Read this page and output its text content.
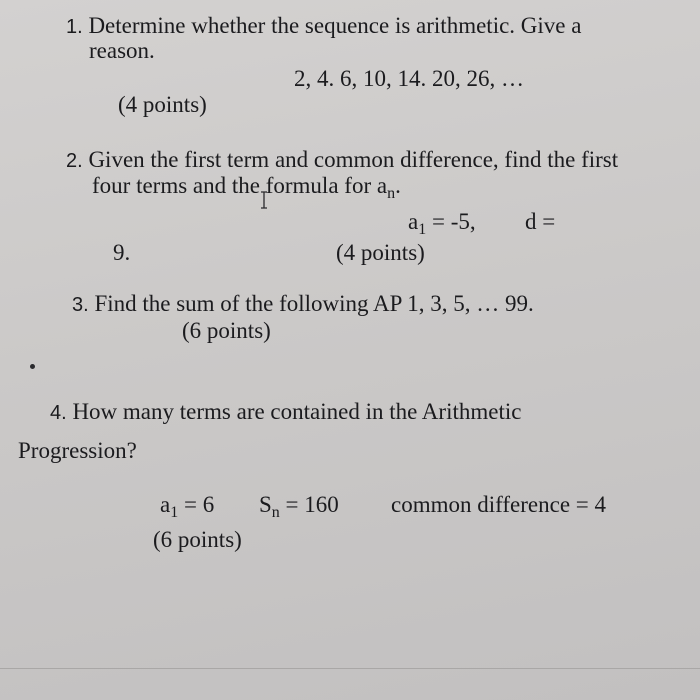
1. Determine whether the sequence is arithmetic. Give a
reason.
2, 4. 6, 10, 14. 20, 26, …
(4 points)
2. Given the first term and common difference, find the first
four terms and the formula for $a_n$.
$a_1 = -5$, d =
9.	(4 points)
3. Find the sum of the following AP 1, 3, 5, … 99.
(6 points)
4. How many terms are contained in the Arithmetic
Progression?
$a_1 = 6$ $S_n = 160$ common difference = 4
(6 points)
